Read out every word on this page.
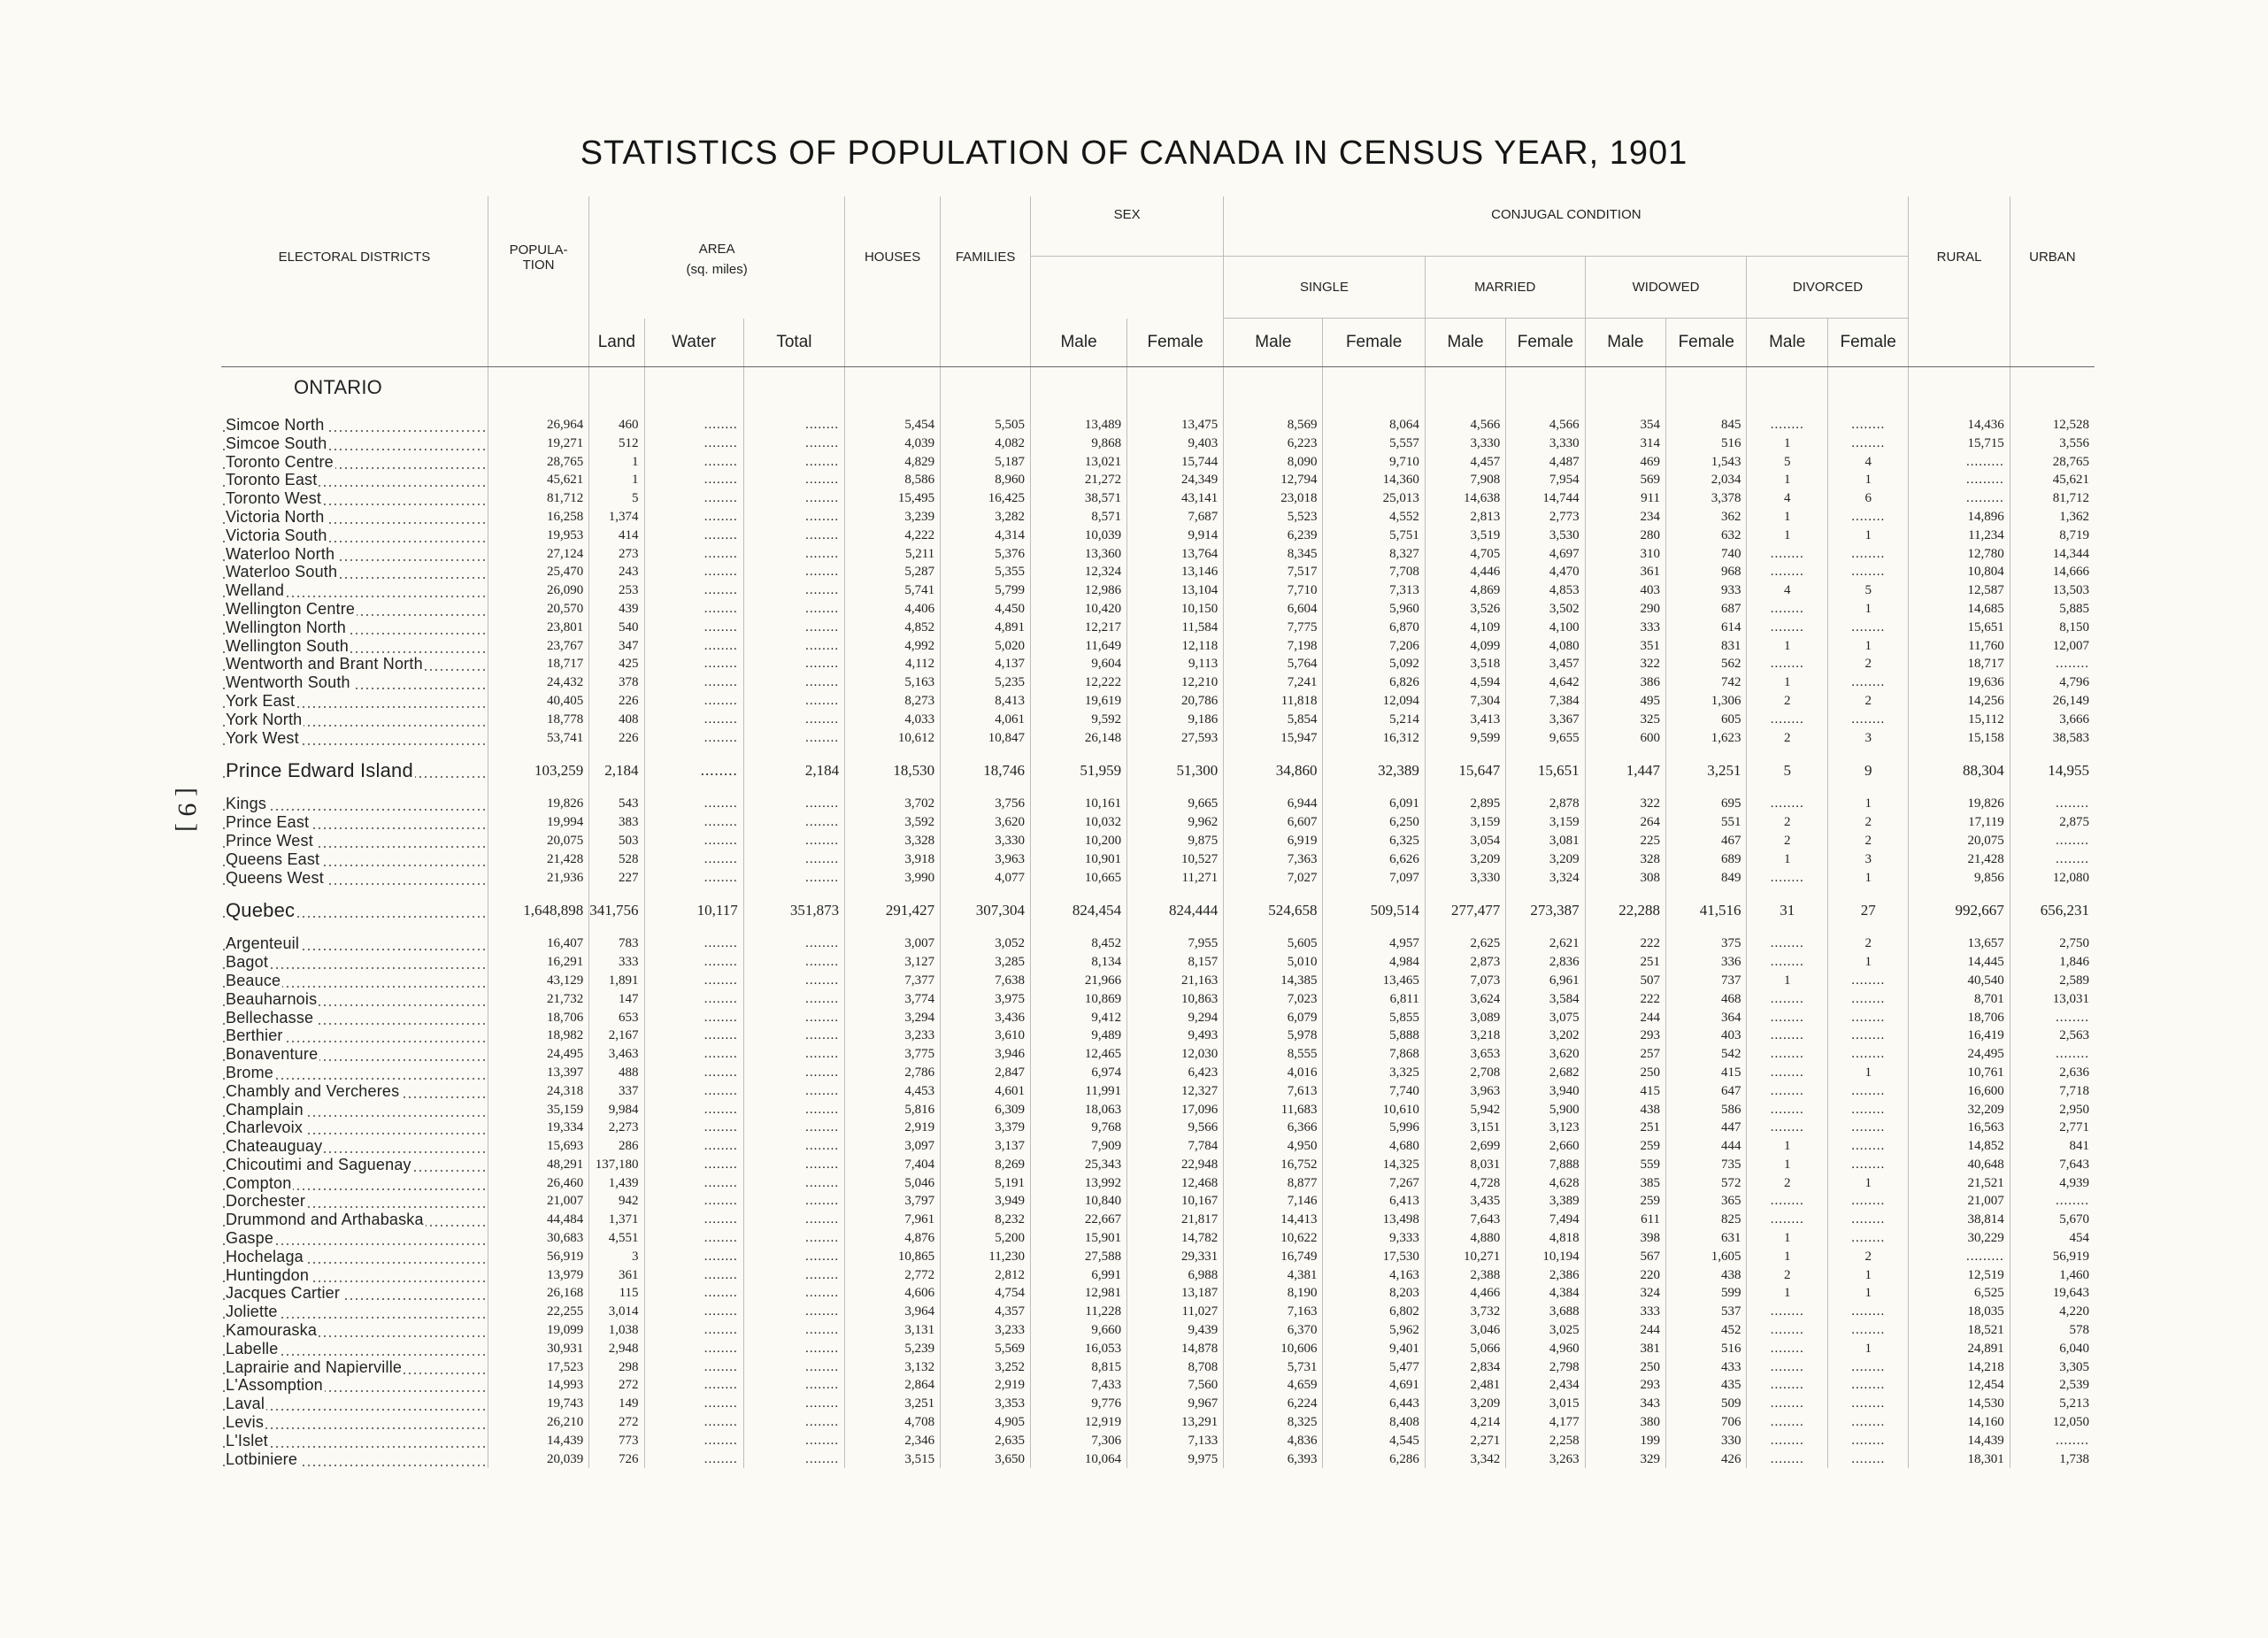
STATISTICS OF POPULATION OF CANADA IN CENSUS YEAR, 1901
[ 9 ]
ELECTORAL DISTRICTS	POPULA-
TION	AREA			HOUSES	FAMILIES	SEX		CONJUGAL CONDITION								RURAL	URBAN
		(sq. miles)							SINGLE		MARRIED		WIDOWED		DIVORCED			
		Land	Water	Total			Male	Female	Male	Female	Male	Female	Male	Female	Male	Female		
ONTARIO																		

Simcoe North	26,964	460	........	........	5,454	5,505	13,489	13,475	8,569	8,064	4,566	4,566	354	845	........	........	14,436	12,528
Simcoe South	19,271	512	........	........	4,039	4,082	9,868	9,403	6,223	5,557	3,330	3,330	314	516	1	........	15,715	3,556
Toronto Centre	28,765	1	........	........	4,829	5,187	13,021	15,744	8,090	9,710	4,457	4,487	469	1,543	5	4	.........	28,765
Toronto East	45,621	1	........	........	8,586	8,960	21,272	24,349	12,794	14,360	7,908	7,954	569	2,034	1	1	.........	45,621
Toronto West	81,712	5	........	........	15,495	16,425	38,571	43,141	23,018	25,013	14,638	14,744	911	3,378	4	6	.........	81,712
Victoria North	16,258	1,374	........	........	3,239	3,282	8,571	7,687	5,523	4,552	2,813	2,773	234	362	1	........	14,896	1,362
Victoria South	19,953	414	........	........	4,222	4,314	10,039	9,914	6,239	5,751	3,519	3,530	280	632	1	1	11,234	8,719
Waterloo North	27,124	273	........	........	5,211	5,376	13,360	13,764	8,345	8,327	4,705	4,697	310	740	........	........	12,780	14,344
Waterloo South	25,470	243	........	........	5,287	5,355	12,324	13,146	7,517	7,708	4,446	4,470	361	968	........	........	10,804	14,666
Welland	26,090	253	........	........	5,741	5,799	12,986	13,104	7,710	7,313	4,869	4,853	403	933	4	5	12,587	13,503
Wellington Centre	20,570	439	........	........	4,406	4,450	10,420	10,150	6,604	5,960	3,526	3,502	290	687	........	1	14,685	5,885
Wellington North	23,801	540	........	........	4,852	4,891	12,217	11,584	7,775	6,870	4,109	4,100	333	614	........	........	15,651	8,150
Wellington South	23,767	347	........	........	4,992	5,020	11,649	12,118	7,198	7,206	4,099	4,080	351	831	1	1	11,760	12,007
Wentworth and Brant North	18,717	425	........	........	4,112	4,137	9,604	9,113	5,764	5,092	3,518	3,457	322	562	........	2	18,717	........
Wentworth South	24,432	378	........	........	5,163	5,235	12,222	12,210	7,241	6,826	4,594	4,642	386	742	1	........	19,636	4,796
York East	40,405	226	........	........	8,273	8,413	19,619	20,786	11,818	12,094	7,304	7,384	495	1,306	2	2	14,256	26,149
York North	18,778	408	........	........	4,033	4,061	9,592	9,186	5,854	5,214	3,413	3,367	325	605	........	........	15,112	3,666
York West	53,741	226	........	........	10,612	10,847	26,148	27,593	15,947	16,312	9,599	9,655	600	1,623	2	3	15,158	38,583

Prince Edward Island	103,259	2,184	........	2,184	18,530	18,746	51,959	51,300	34,860	32,389	15,647	15,651	1,447	3,251	5	9	88,304	14,955

Kings	19,826	543	........	........	3,702	3,756	10,161	9,665	6,944	6,091	2,895	2,878	322	695	........	1	19,826	........
Prince East	19,994	383	........	........	3,592	3,620	10,032	9,962	6,607	6,250	3,159	3,159	264	551	2	2	17,119	2,875
Prince West	20,075	503	........	........	3,328	3,330	10,200	9,875	6,919	6,325	3,054	3,081	225	467	2	2	20,075	........
Queens East	21,428	528	........	........	3,918	3,963	10,901	10,527	7,363	6,626	3,209	3,209	328	689	1	3	21,428	........
Queens West	21,936	227	........	........	3,990	4,077	10,665	11,271	7,027	7,097	3,330	3,324	308	849	........	1	9,856	12,080

Quebec	1,648,898	341,756	10,117	351,873	291,427	307,304	824,454	824,444	524,658	509,514	277,477	273,387	22,288	41,516	31	27	992,667	656,231

Argenteuil	16,407	783	........	........	3,007	3,052	8,452	7,955	5,605	4,957	2,625	2,621	222	375	........	2	13,657	2,750
Bagot	16,291	333	........	........	3,127	3,285	8,134	8,157	5,010	4,984	2,873	2,836	251	336	........	1	14,445	1,846
Beauce	43,129	1,891	........	........	7,377	7,638	21,966	21,163	14,385	13,465	7,073	6,961	507	737	1	........	40,540	2,589
Beauharnois	21,732	147	........	........	3,774	3,975	10,869	10,863	7,023	6,811	3,624	3,584	222	468	........	........	8,701	13,031
Bellechasse	18,706	653	........	........	3,294	3,436	9,412	9,294	6,079	5,855	3,089	3,075	244	364	........	........	18,706	........
Berthier	18,982	2,167	........	........	3,233	3,610	9,489	9,493	5,978	5,888	3,218	3,202	293	403	........	........	16,419	2,563
Bonaventure	24,495	3,463	........	........	3,775	3,946	12,465	12,030	8,555	7,868	3,653	3,620	257	542	........	........	24,495	........
Brome	13,397	488	........	........	2,786	2,847	6,974	6,423	4,016	3,325	2,708	2,682	250	415	........	1	10,761	2,636
Chambly and Vercheres	24,318	337	........	........	4,453	4,601	11,991	12,327	7,613	7,740	3,963	3,940	415	647	........	........	16,600	7,718
Champlain	35,159	9,984	........	........	5,816	6,309	18,063	17,096	11,683	10,610	5,942	5,900	438	586	........	........	32,209	2,950
Charlevoix	19,334	2,273	........	........	2,919	3,379	9,768	9,566	6,366	5,996	3,151	3,123	251	447	........	........	16,563	2,771
Chateauguay	15,693	286	........	........	3,097	3,137	7,909	7,784	4,950	4,680	2,699	2,660	259	444	1	........	14,852	841
Chicoutimi and Saguenay	48,291	137,180	........	........	7,404	8,269	25,343	22,948	16,752	14,325	8,031	7,888	559	735	1	........	40,648	7,643
Compton	26,460	1,439	........	........	5,046	5,191	13,992	12,468	8,877	7,267	4,728	4,628	385	572	2	1	21,521	4,939
Dorchester	21,007	942	........	........	3,797	3,949	10,840	10,167	7,146	6,413	3,435	3,389	259	365	........	........	21,007	........
Drummond and Arthabaska	44,484	1,371	........	........	7,961	8,232	22,667	21,817	14,413	13,498	7,643	7,494	611	825	........	........	38,814	5,670
Gaspe	30,683	4,551	........	........	4,876	5,200	15,901	14,782	10,622	9,333	4,880	4,818	398	631	1	........	30,229	454
Hochelaga	56,919	3	........	........	10,865	11,230	27,588	29,331	16,749	17,530	10,271	10,194	567	1,605	1	2	.........	56,919
Huntingdon	13,979	361	........	........	2,772	2,812	6,991	6,988	4,381	4,163	2,388	2,386	220	438	2	1	12,519	1,460
Jacques Cartier	26,168	115	........	........	4,606	4,754	12,981	13,187	8,190	8,203	4,466	4,384	324	599	1	1	6,525	19,643
Joliette	22,255	3,014	........	........	3,964	4,357	11,228	11,027	7,163	6,802	3,732	3,688	333	537	........	........	18,035	4,220
Kamouraska	19,099	1,038	........	........	3,131	3,233	9,660	9,439	6,370	5,962	3,046	3,025	244	452	........	........	18,521	578
Labelle	30,931	2,948	........	........	5,239	5,569	16,053	14,878	10,606	9,401	5,066	4,960	381	516	........	1	24,891	6,040
Laprairie and Napierville	17,523	298	........	........	3,132	3,252	8,815	8,708	5,731	5,477	2,834	2,798	250	433	........	........	14,218	3,305
L'Assomption	14,993	272	........	........	2,864	2,919	7,433	7,560	4,659	4,691	2,481	2,434	293	435	........	........	12,454	2,539
Laval	19,743	149	........	........	3,251	3,353	9,776	9,967	6,224	6,443	3,209	3,015	343	509	........	........	14,530	5,213
Levis	26,210	272	........	........	4,708	4,905	12,919	13,291	8,325	8,408	4,214	4,177	380	706	........	........	14,160	12,050
L'Islet	14,439	773	........	........	2,346	2,635	7,306	7,133	4,836	4,545	2,271	2,258	199	330	........	........	14,439	........
Lotbiniere	20,039	726	........	........	3,515	3,650	10,064	9,975	6,393	6,286	3,342	3,263	329	426	........	........	18,301	1,738
